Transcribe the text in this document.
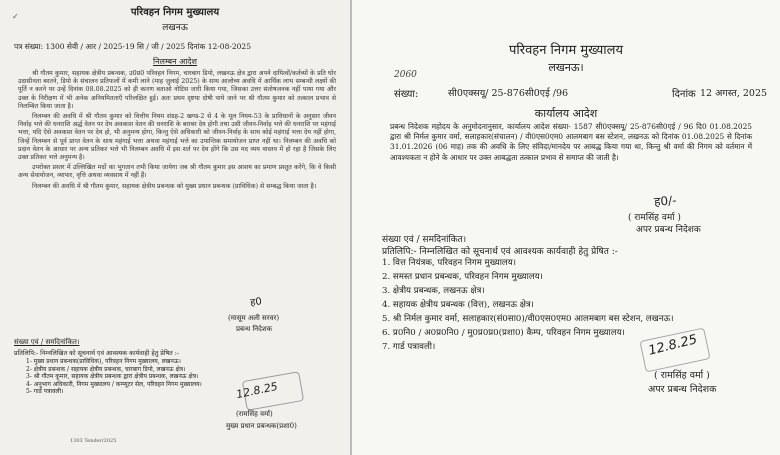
✓	परिवहन निगम मुख्यालय
लखनऊ
पत्र संख्या: 1300 सेवी / आर / 2025-19 सि / जी / 2025 दिनांक 12-08-2025
निलम्बन आदेश

श्री गौतम कुमार, सहायक क्षेत्रीय प्रबन्धक, उ0प्र0 परिवहन निगम, चारबाग डिपो, लखनऊ क्षेत्र द्वारा अपने दायित्वों/कर्तव्यों के प्रति घोर उदासीनता बरतने, डिपो के संचालन प्रतिफलों में कमी लाने (माह जुलाई 2025) के साथ आलोच्य अवधि में आर्थिक लाभ सम्बन्धी लक्ष्यों की पूर्ति न करने पर उन्हें दिनांक 08.08.2025 को ही कारण बताओ नोटिस जारी किया गया, जिसका उत्तर संतोषजनक नहीं पाया गया और उक्त के निरीक्षण में भी अनेक अनियमितताएँ परिलक्षित हुई। अतः प्रथम दृष्टया दोषी पाये जाने पर श्री गौतम कुमार को तत्काल प्रभाव से निलम्बित किया जाता है।

निलम्बन की अवधि में श्री गौतम कुमार को वित्तीय नियम संग्रह-2 खण्ड-2 से 4 के मूल नियम-53 के प्राविधानों के अनुसार जीवन निर्वाह भत्ते की धनराशि अर्द्ध वेतन पर देय अवकाश वेतन की धनराशि के बराबर देय होगी तथा उसी जीवन-निर्वाह भत्ते की धनराशि पर महंगाई भत्ता, यदि ऐसे अवकाश वेतन पर देय हो, भी अनुमन्य होगा, किन्तु ऐसे अधिकारी को जीवन-निर्वाह के साथ कोई महंगाई भत्ता देय नहीं होगा, जिन्हें निलम्बन से पूर्व प्राप्त वेतन के साथ महंगाई भत्ता अथवा महंगाई भत्ते का उपान्तिक समायोजन प्राप्त नहीं था। निलम्बन की अवधि को प्रदान वेतन के आधार पर अन्य प्रतिकर भत्ते भी निलम्बन अवधि में इस शर्त पर देय होंगे कि उस मद व्यय वास्तव में हो रहा है जिसके लिए उक्त प्रतिकर भत्ते अनुमन्य है।

उपरोक्त प्रस्तर में उल्लिखित मदों का भुगतान तभी किया जायेगा जब श्री गौतम कुमार इस आशय का प्रमाण प्रस्तुत करेंगे, कि वे किसी अन्य सेवायोजन, व्यापार, वृत्ति अथवा व्यवसाय में नहीं हैं।

निलम्बन की अवधि में श्री गौतम कुमार, सहायक क्षेत्रीय प्रबन्धक को मुख्य प्रधान प्रबन्धक (प्राविधिक) से सम्बद्ध किया जाता है।

ह0
(मासूम अली सरवर)
प्रबन्ध निदेशक
संख्या एवं / समदिनांकित।
प्रतिलिपि:- निम्नलिखित को सूचनार्थ एवं आवश्यक कार्यवाही हेतु प्रेषित :-
1- मुख्य प्रधान प्रबन्धक(प्राविधिक), परिवहन निगम मुख्यालय, लखनऊ।
2- क्षेत्रीय प्रबन्धक / सहायक क्षेत्रीय प्रबन्धक, चारबाग डिपो, लखनऊ क्षेत्र।
3- श्री गौतम कुमार, सहायक क्षेत्रीय प्रबन्धक द्वारा क्षेत्रीय प्रबन्धक, लखनऊ क्षेत्र।
4- अनुभाग अधिकारी, निगम मुख्यालय / कम्प्यूटर सेल, परिवहन निगम मुख्यालय।
5- गार्ड पत्रावली।	12.8.25
(रामसिंह वर्मा)
मुख्य प्रधान प्रबन्धक(प्रशा0)
1303 Tender/2025
परिवहन निगम मुख्यालय
लखनऊ।
2060
संख्या:	सी0एक्सयू/ 25-876सी0एई /96	दिनांक 12 अगस्त, 2025
कार्यालय आदेश
प्रबन्ध निदेशक महोदय के अनुमोदनानुसार, कार्यालय आदेश संख्या- 1587 सी0एक्सयू/ 25-876सी0एई / 96 दि0 01.08.2025 द्वारा श्री निर्मल कुमार वर्मा, सलाहकार(संचालन) / वी0एस0एम0 आलमबाग बस स्टेशन, लखनऊ को दिनांक 01.08.2025 से दिनांक 31.01.2026 (06 माह) तक की अवधि के लिए संविदा/मानदेय पर आबद्ध किया गया था, किन्तु श्री वर्मा की निगम को वर्तमान में आवश्यकता न होने के आधार पर उक्त आबद्धता तत्काल प्रभाव से समाप्त की जाती है।
ह0/-
( रामसिंह वर्मा )
अपर प्रबन्ध निदेशक
संख्या एवं / समदिनांकित।
प्रतिलिपि:- निम्नलिखित को सूचनार्थ एवं आवश्यक कार्यवाही हेतु प्रेषित :-
1. वित्त नियंत्रक, परिवहन निगम मुख्यालय।
2. समस्त प्रधान प्रबन्धक, परिवहन निगम मुख्यालय।
3. क्षेत्रीय प्रबन्धक, लखनऊ क्षेत्र।
4. सहायक क्षेत्रीय प्रबन्धक (वित्त), लखनऊ क्षेत्र।
5. श्री निर्मल कुमार वर्मा, सलाहकार(सं0सा0)/वी0एस0एम0 आलमबाग बस स्टेशन, लखनऊ।
6. प्र0नि0 / अ0प्र0नि0 / मु0प्र0प्र0(प्रशा0) कैम्प, परिवहन निगम मुख्यालय।
7. गार्ड पत्रावली।	12.8.25
( रामसिंह वर्मा )
अपर प्रबन्ध निदेशक
